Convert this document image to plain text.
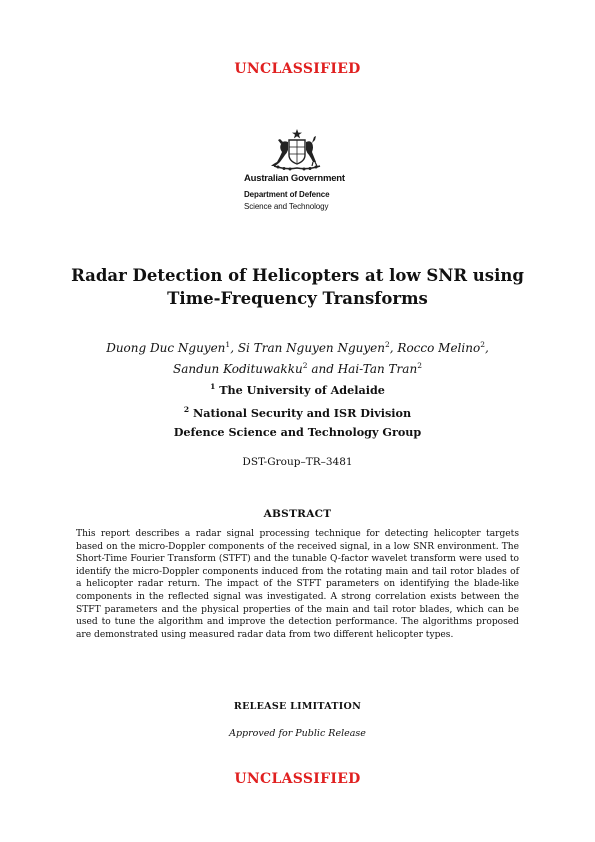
UNCLASSIFIED
Australian Government
Department of Defence
Science and Technology
Radar Detection of Helicopters at low SNR using
Time-Frequency Transforms
Duong Duc Nguyen$^1$, Si Tran Nguyen Nguyen$^2$, Rocco Melino$^2$,
Sandun Kodituwakku$^2$ and Hai-Tan Tran$^2$
$^1$ The University of Adelaide
$^2$ National Security and ISR Division
Defence Science and Technology Group
DST-Group–TR–3481
ABSTRACT
This report describes a radar signal processing technique for detecting helicopter targets based on the micro-Doppler components of the received signal, in a low SNR environment. The Short-Time Fourier Transform (STFT) and the tunable Q-factor wavelet transform were used to identify the micro-Doppler components induced from the rotating main and tail rotor blades of a helicopter radar return. The impact of the STFT parameters on identifying the blade-like components in the reflected signal was investigated. A strong correlation exists between the STFT parameters and the physical properties of the main and tail rotor blades, which can be used to tune the algorithm and improve the detection performance. The algorithms proposed are demonstrated using measured radar data from two different helicopter types.
RELEASE LIMITATION
Approved for Public Release
UNCLASSIFIED
